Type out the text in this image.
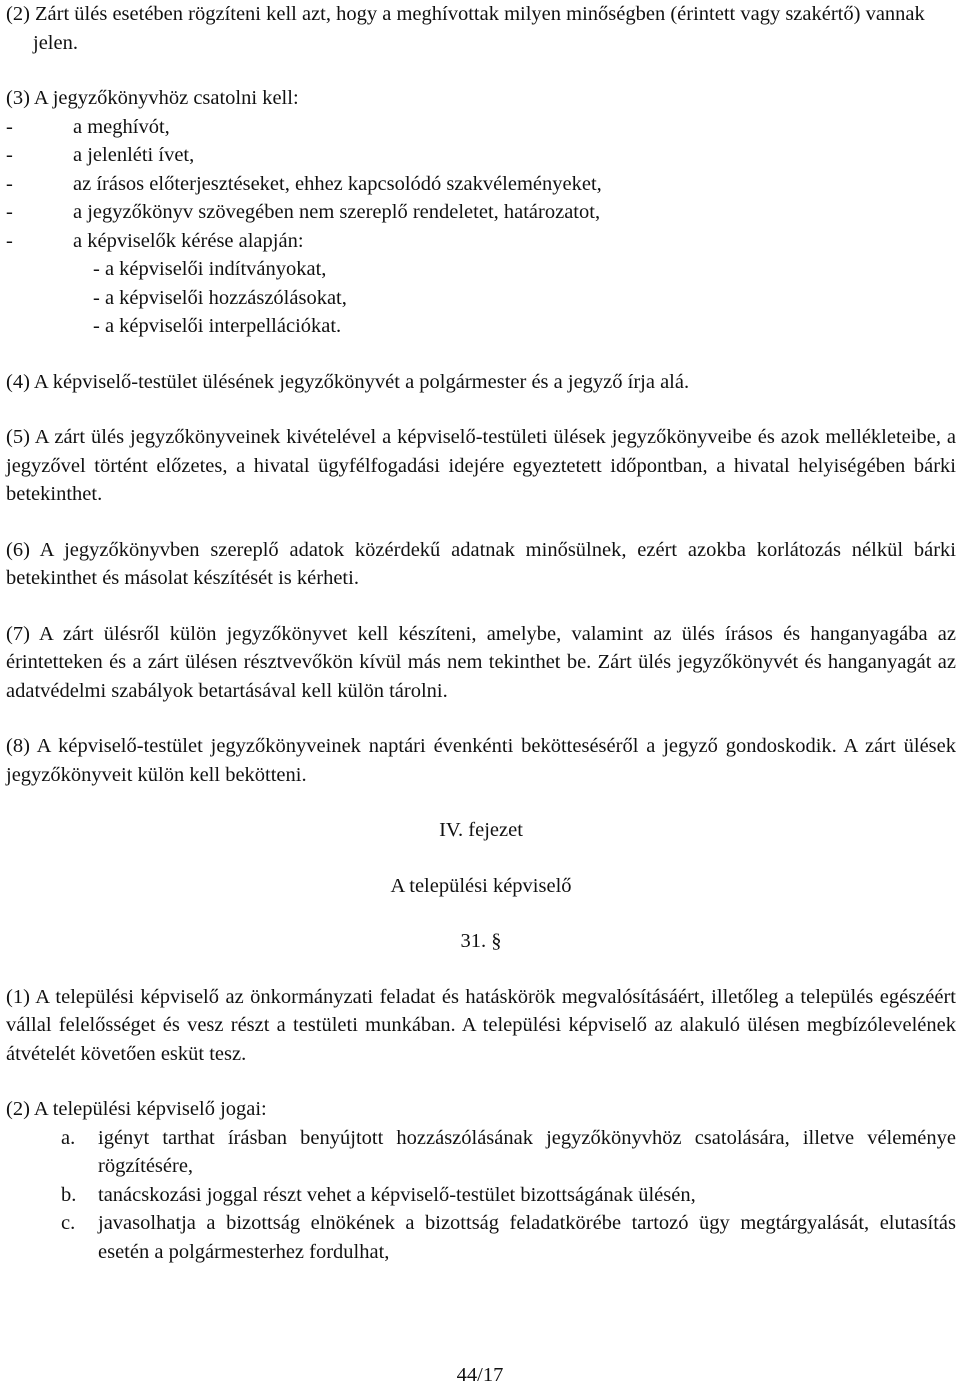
(2) Zárt ülés esetében rögzíteni kell azt, hogy a meghívottak milyen minőségben (érintett vagy szakértő) vannak jelen.

(3) A jegyzőkönyvhöz csatolni kell:

-	a meghívót,
-	a jelenléti ívet,
-	az írásos előterjesztéseket, ehhez kapcsolódó szakvéleményeket,
-	a jegyzőkönyv szövegében nem szereplő rendeletet, határozatot,
-	a képviselők kérése alapján:
- a képviselői indítványokat,
- a képviselői hozzászólásokat,
- a képviselői interpellációkat.

(4) A képviselő-testület ülésének jegyzőkönyvét a polgármester és a jegyző írja alá.

(5) A zárt ülés jegyzőkönyveinek kivételével a képviselő-testületi ülések jegyzőkönyveibe és azok mellékleteibe, a jegyzővel történt előzetes, a hivatal ügyfélfogadási idejére egyeztetett időpontban, a hivatal helyiségében bárki betekinthet.

(6) A jegyzőkönyvben szereplő adatok közérdekű adatnak minősülnek, ezért azokba korlátozás nélkül bárki betekinthet és másolat készítését is kérheti.

(7) A zárt ülésről külön jegyzőkönyvet kell készíteni, amelybe, valamint az ülés írásos és hanganyagába az érintetteken és a zárt ülésen résztvevőkön kívül más nem tekinthet be. Zárt ülés jegyzőkönyvét és hanganyagát az adatvédelmi szabályok betartásával kell külön tárolni.

(8) A képviselő-testület jegyzőkönyveinek naptári évenkénti bekötteséséről a jegyző gondoskodik. A zárt ülések jegyzőkönyveit külön kell bekötteni.

IV. fejezet

A települési képviselő

31. §

(1) A települési képviselő az önkormányzati feladat és hatáskörök megvalósításáért, illetőleg a település egészéért vállal felelősséget és vesz részt a testületi munkában. A települési képviselő az alakuló ülésen megbízólevelének átvételét követően esküt tesz.

(2) A települési képviselő jogai:

a. igényt tarthat írásban benyújtott hozzászólásának jegyzőkönyvhöz csatolására, illetve véleménye rögzítésére,
b. tanácskozási joggal részt vehet a képviselő-testület bizottságának ülésén,
c. javasolhatja a bizottság elnökének a bizottság feladatkörébe tartozó ügy megtárgyalását, elutasítás esetén a polgármesterhez fordulhat,
44/17
